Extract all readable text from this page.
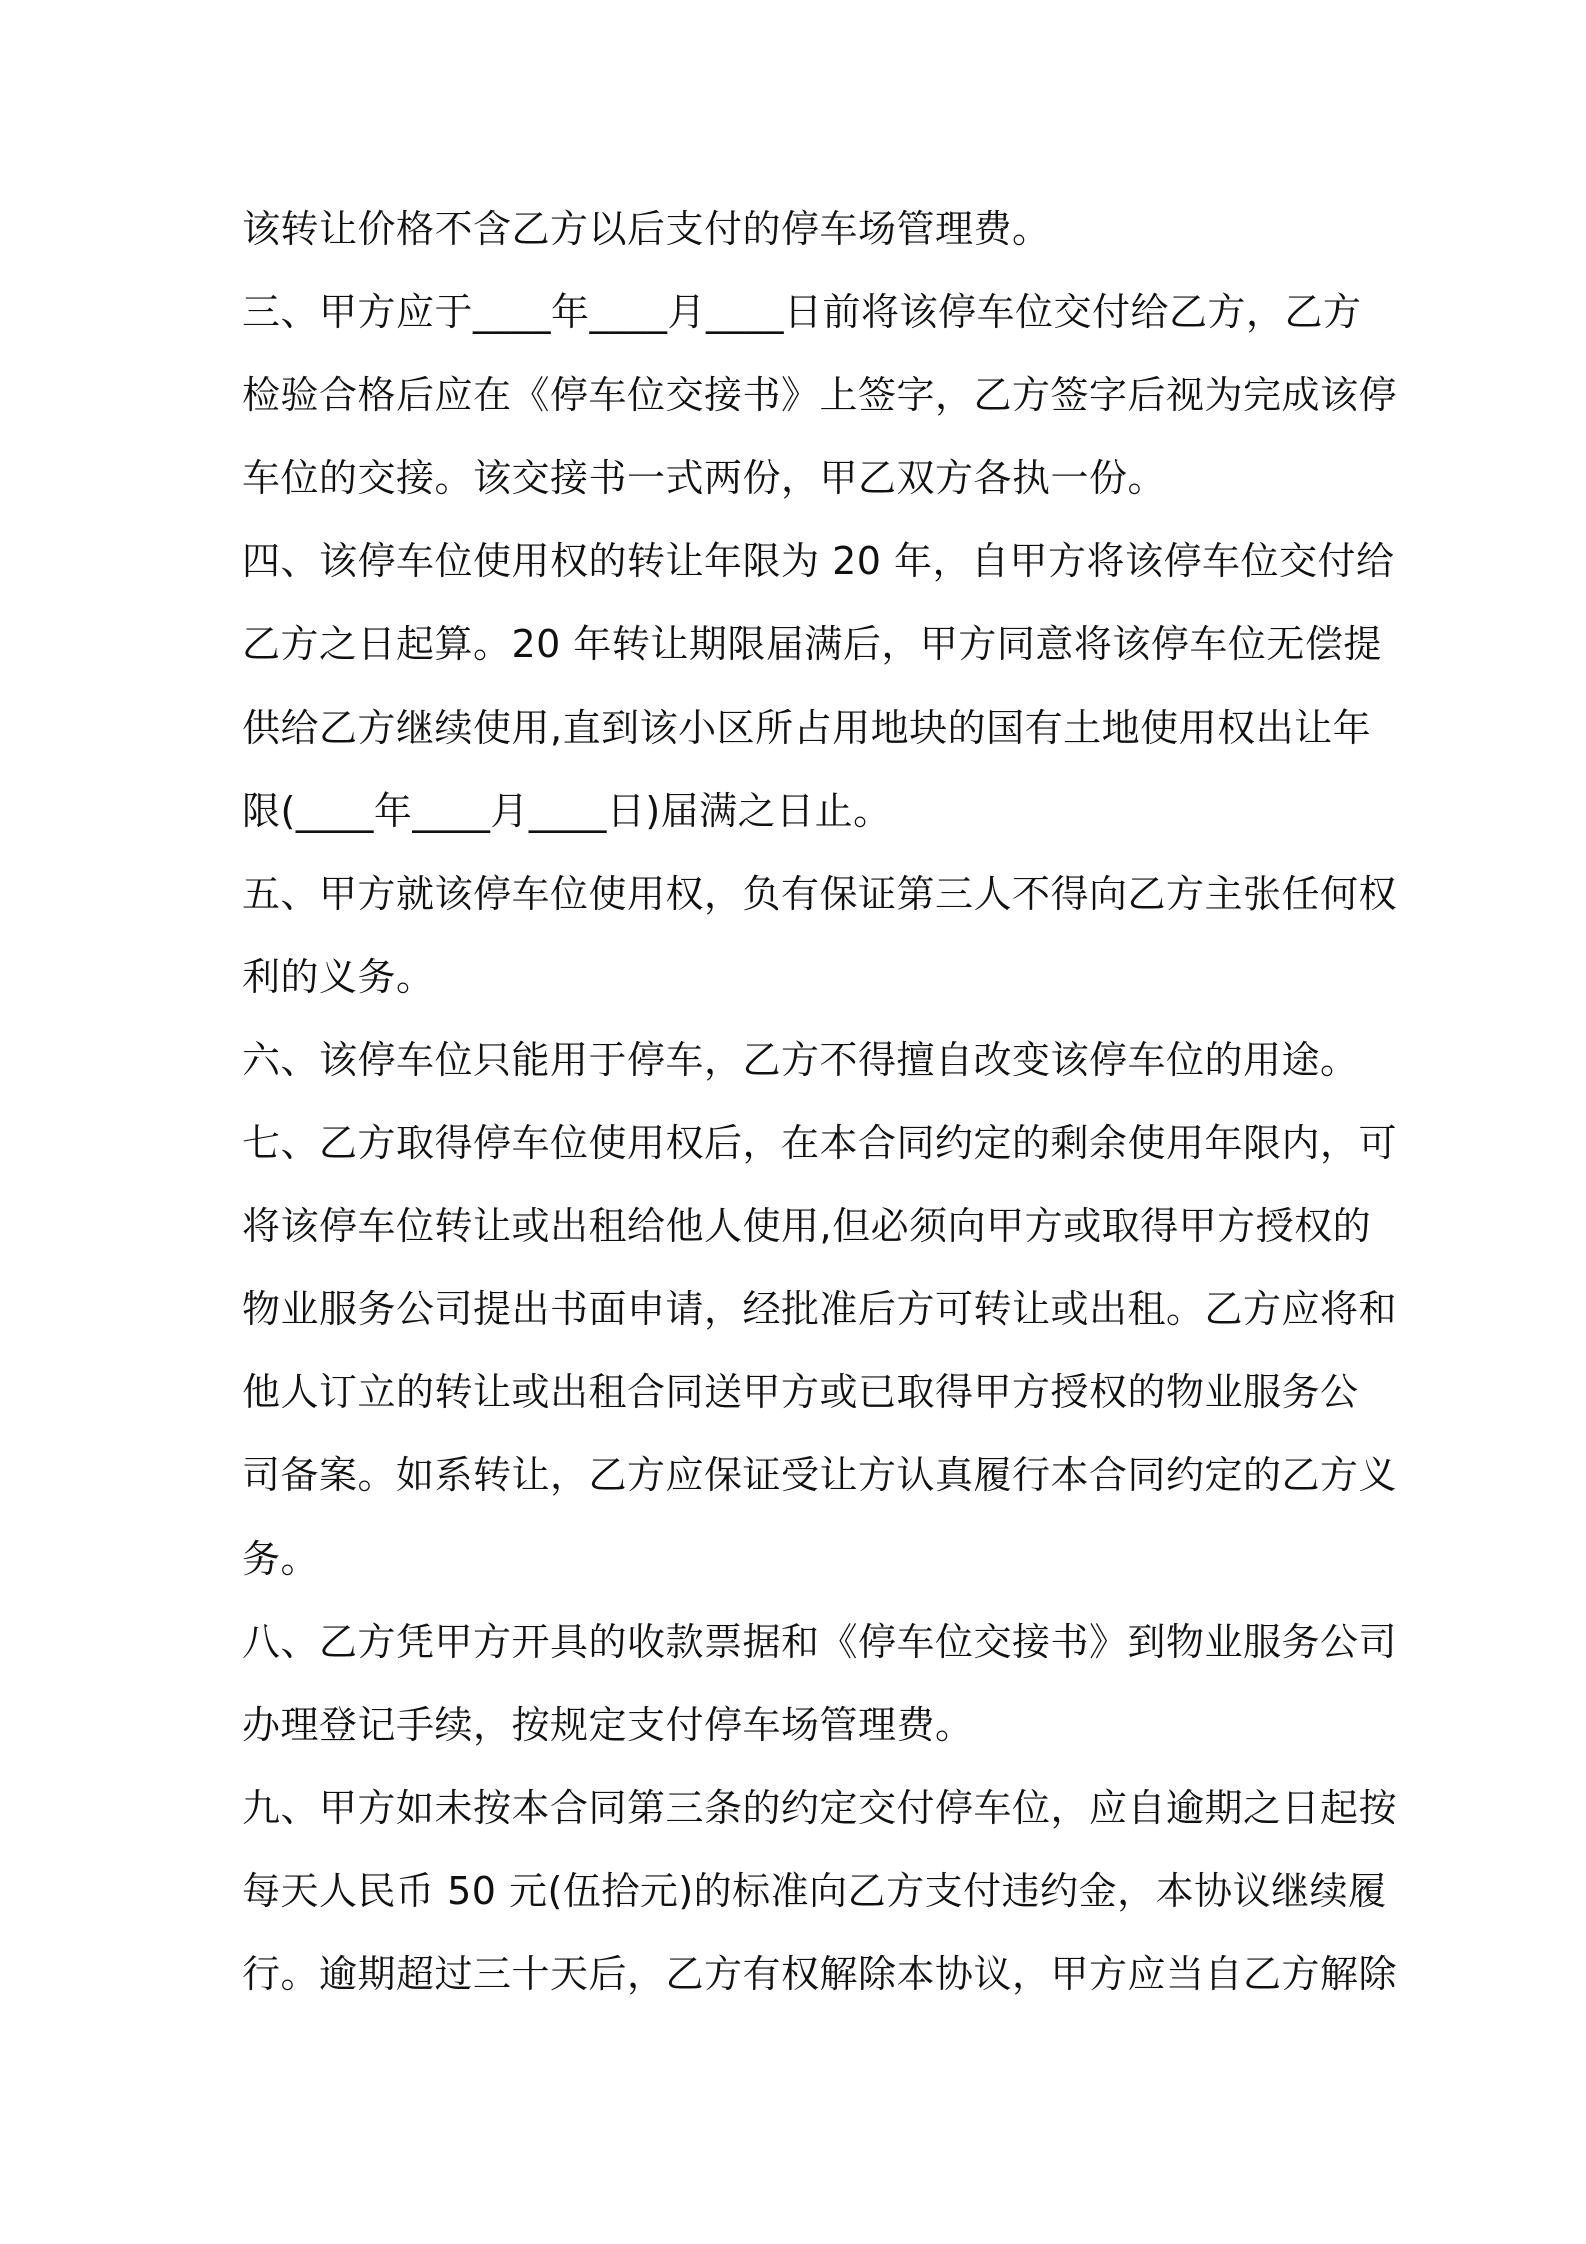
该转让价格不含乙方以后支付的停车场管理费。
三、甲方应于____年____月____日前将该停车位交付给乙方，乙方
检验合格后应在《停车位交接书》上签字，乙方签字后视为完成该停
车位的交接。该交接书一式两份，甲乙双方各执一份。
四、该停车位使用权的转让年限为 20 年，自甲方将该停车位交付给
乙方之日起算。20 年转让期限届满后，甲方同意将该停车位无偿提
供给乙方继续使用,直到该小区所占用地块的国有土地使用权出让年
限(____年____月____日)届满之日止。
五、甲方就该停车位使用权，负有保证第三人不得向乙方主张任何权
利的义务。
六、该停车位只能用于停车，乙方不得擅自改变该停车位的用途。
七、乙方取得停车位使用权后，在本合同约定的剩余使用年限内，可
将该停车位转让或出租给他人使用,但必须向甲方或取得甲方授权的
物业服务公司提出书面申请，经批准后方可转让或出租。乙方应将和
他人订立的转让或出租合同送甲方或已取得甲方授权的物业服务公
司备案。如系转让，乙方应保证受让方认真履行本合同约定的乙方义
务。
八、乙方凭甲方开具的收款票据和《停车位交接书》到物业服务公司
办理登记手续，按规定支付停车场管理费。
九、甲方如未按本合同第三条的约定交付停车位，应自逾期之日起按
每天人民币 50 元(伍拾元)的标准向乙方支付违约金，本协议继续履
行。逾期超过三十天后，乙方有权解除本协议，甲方应当自乙方解除
